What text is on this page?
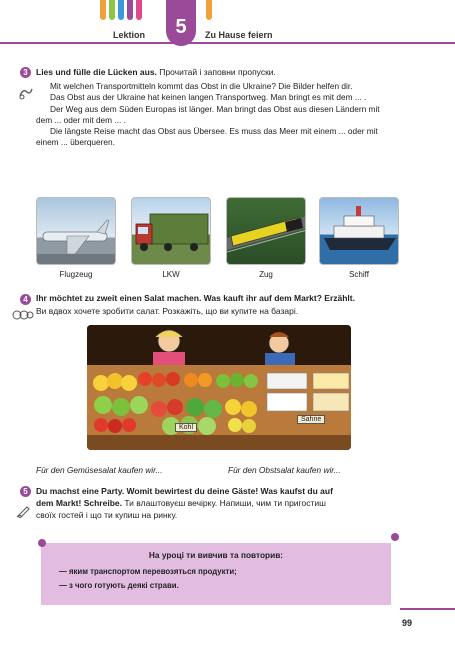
5
Lektion	Zu Hause feiern
3 Lies und fülle die Lücken aus. Прочитай і заповни пропуски.

Mit welchen Transportmitteln kommt das Obst in die Ukraine? Die Bilder helfen dir.

Das Obst aus der Ukraine hat keinen langen Transportweg. Man bringt es mit dem ... .

Der Weg aus dem Süden Europas ist länger. Man bringt das Obst aus diesen Ländern mit dem ... oder mit dem ... .

Die längste Reise macht das Obst aus Übersee. Es muss das Meer mit einem ... oder mit einem ... überqueren.

Flugzeug	LKW	Zug	Schiff
4 Ihr möchtet zu zweit einen Salat machen. Was kauft ihr auf dem Markt? Erzählt.
Ви вдвох хочете зробити салат. Розкажіть, що ви купите на базарі.
Kohl
Sahne
Für den Gemüsesalat kaufen wir...	Für den Obstsalat kaufen wir...
5 Du machst eine Party. Womit bewirtest du deine Gäste! Was kaufst du auf
dem Markt! Schreibe. Ти влаштовуєш вечірку. Напиши, чим ти пригостиш
своїх гостей і що ти купиш на ринку.
На уроці ти вивчив та повторив:
— яким транспортом перевозяться продукти;
— з чого готують деякі страви.
99
